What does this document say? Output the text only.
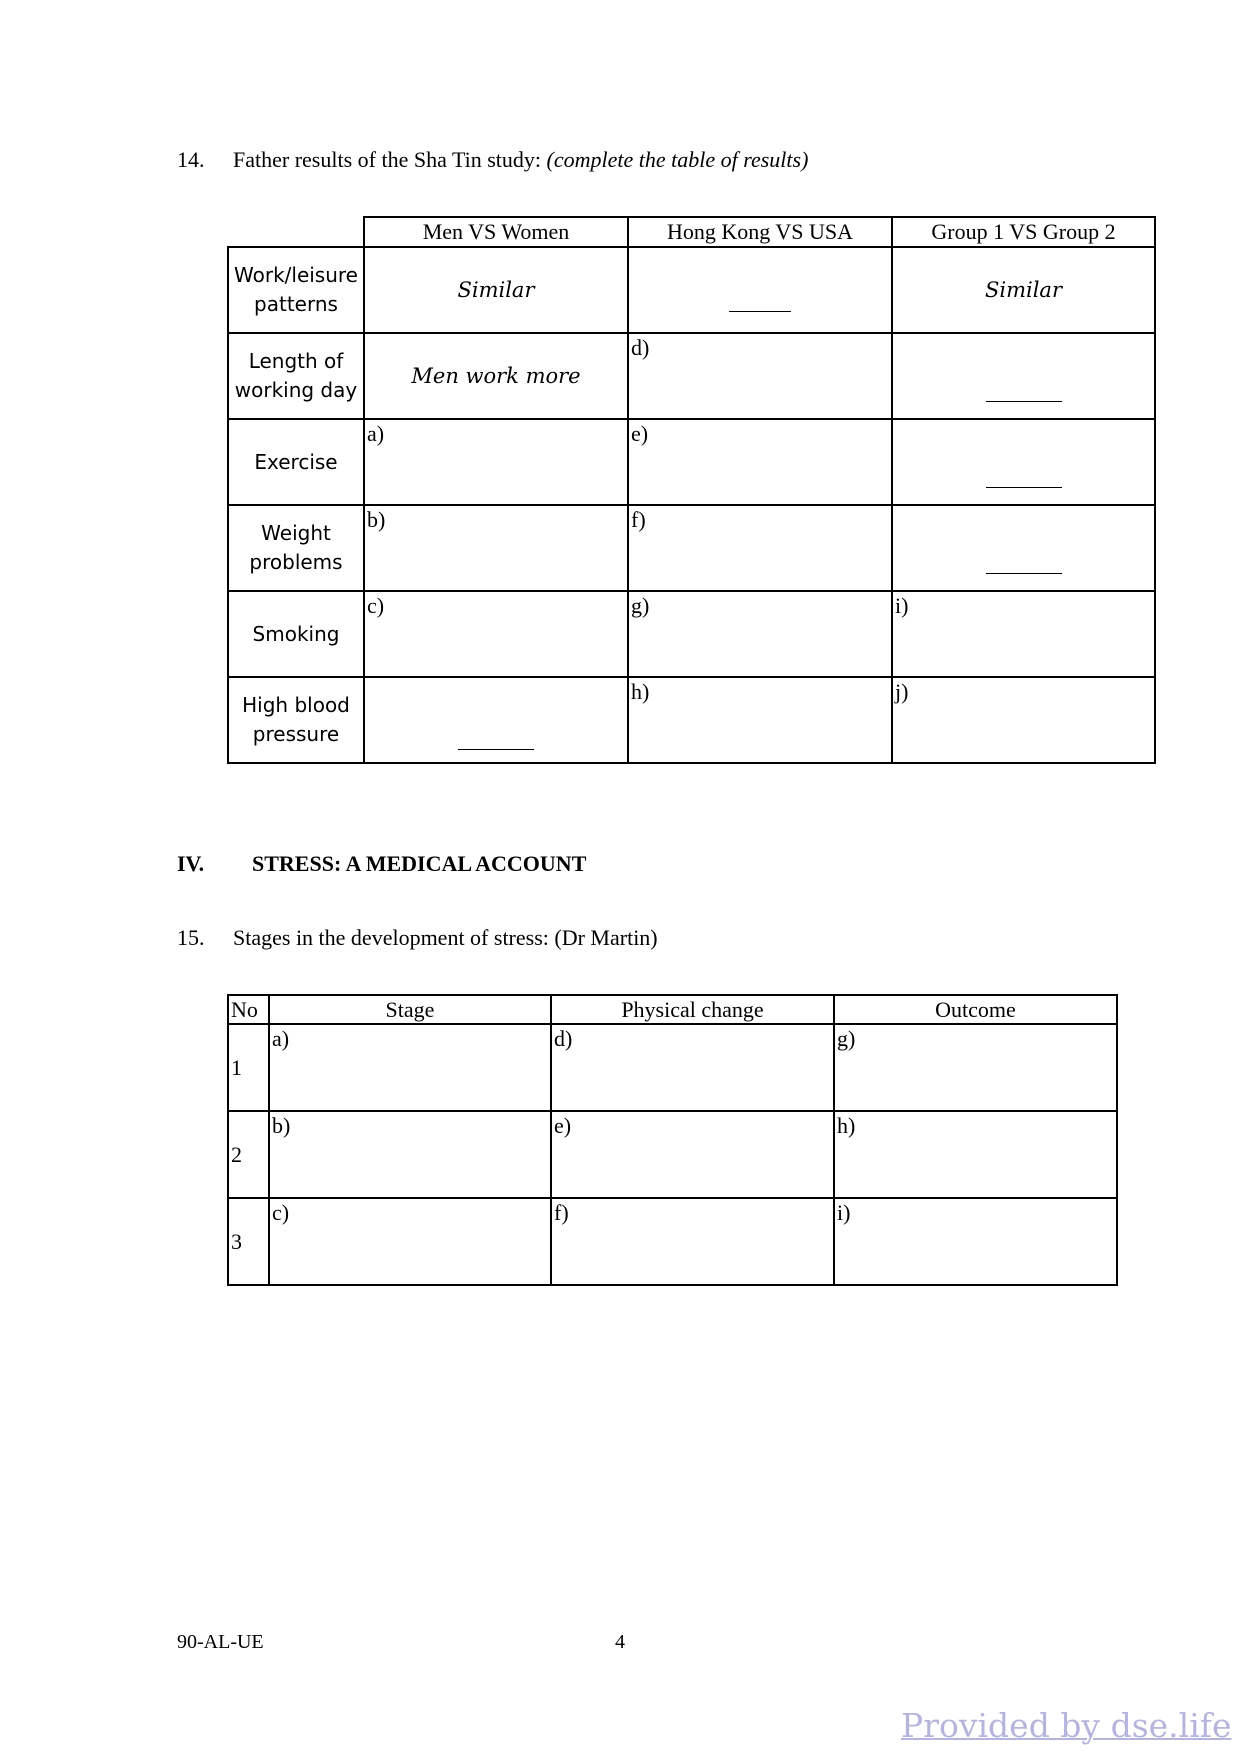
14. Father results of the Sha Tin study: (complete the table of results)
	Men VS Women	Hong Kong VS USA	Group 1 VS Group 2
Work/leisure
patterns	Similar		Similar
Length of
working day	Men work more	d)	

Exercise	a)	e)	

Weight
problems	b)	f)	

Smoking	c)	g)	i)

High blood
pressure		h)	j)
IV. STRESS: A MEDICAL ACCOUNT
15. Stages in the development of stress: (Dr Martin)
No	Stage	Physical change	Outcome
1	a)	d)	g)

2	b)	e)	h)

3	c)	f)	i)
90-AL-UE	4
Provided by dse.life
